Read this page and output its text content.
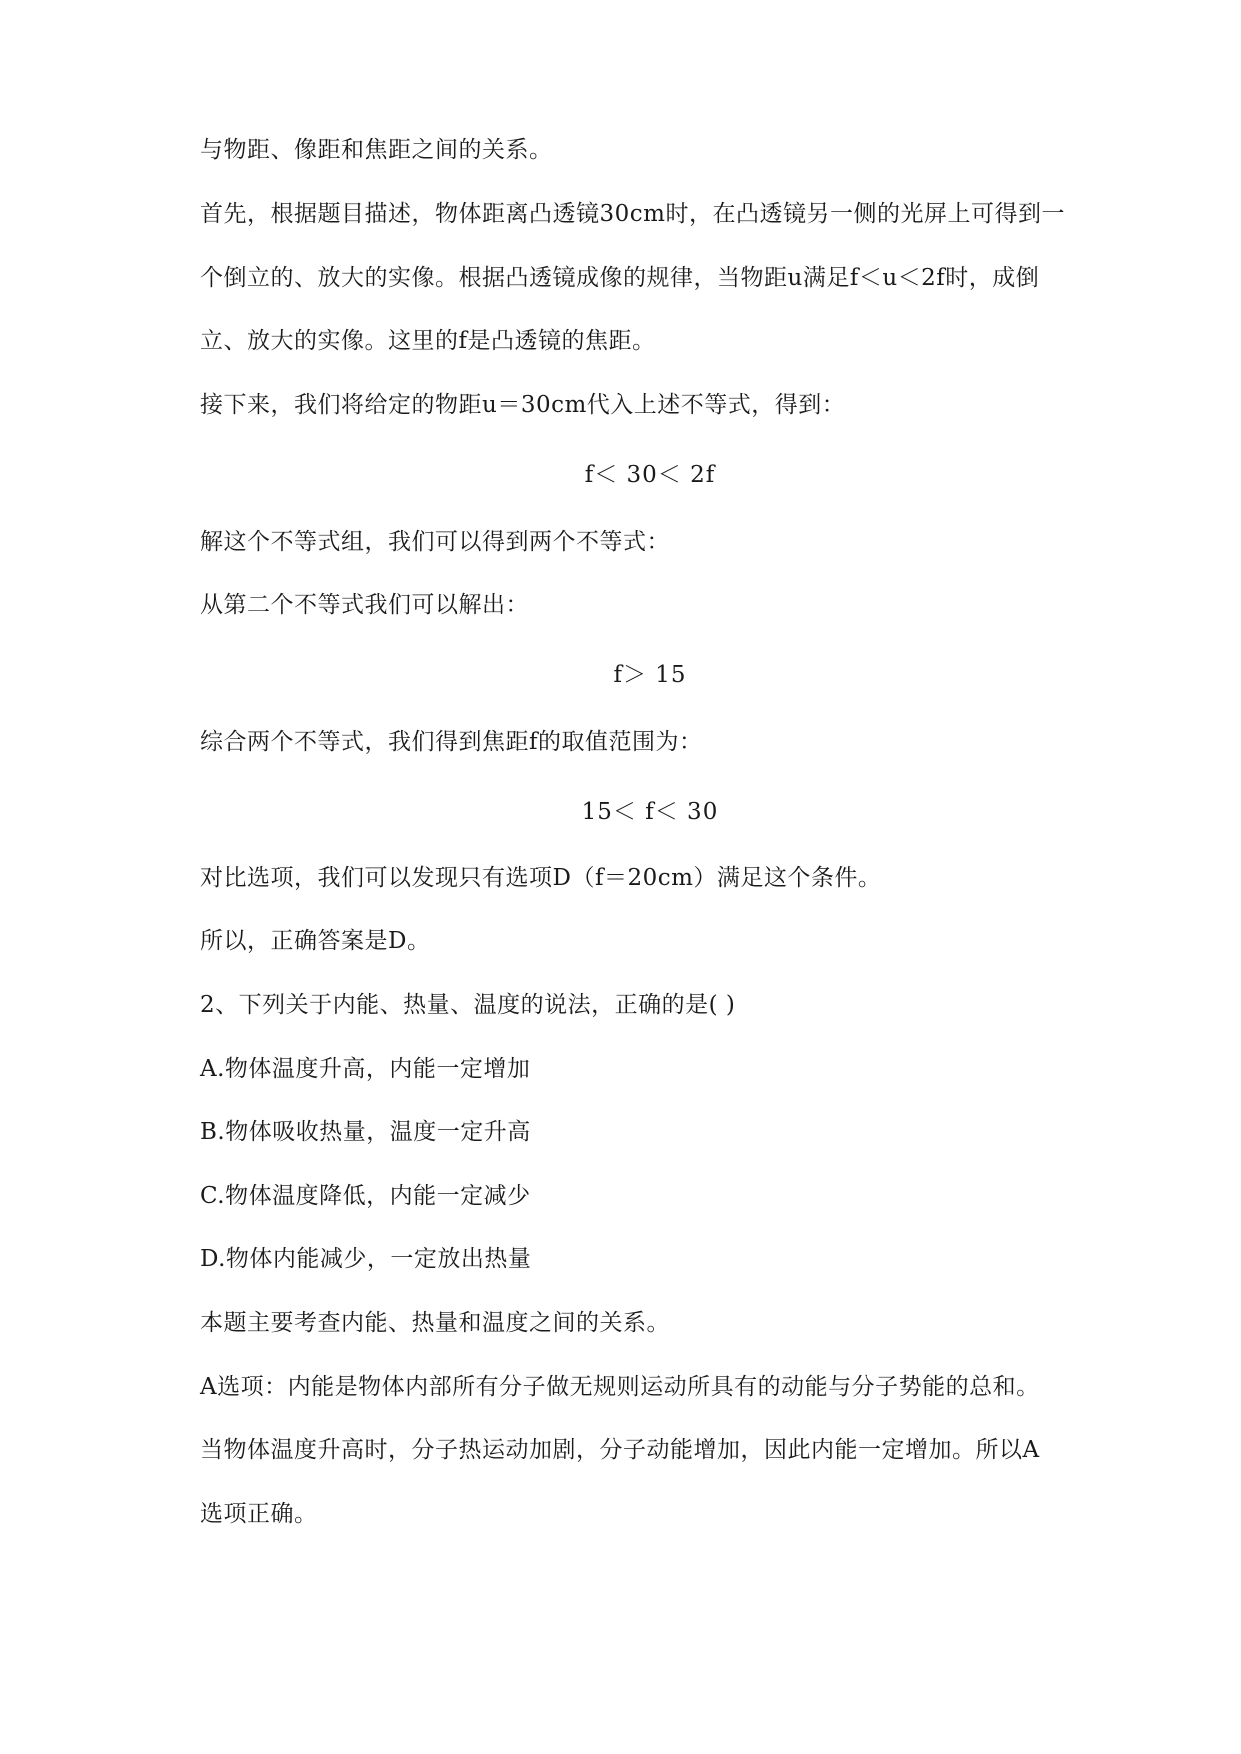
与物距、像距和焦距之间的关系。
首先，根据题目描述，物体距离凸透镜30cm时，在凸透镜另一侧的光屏上可得到一
个倒立的、放大的实像。根据凸透镜成像的规律，当物距u满足f＜u＜2f时，成倒
立、放大的实像。这里的f是凸透镜的焦距。
接下来，我们将给定的物距u＝30cm代入上述不等式，得到：
f＜ 30＜ 2f
解这个不等式组，我们可以得到两个不等式：
从第二个不等式我们可以解出：
f＞ 15
综合两个不等式，我们得到焦距f的取值范围为：
15＜ f＜ 30
对比选项，我们可以发现只有选项D（f＝20cm）满足这个条件。
所以，正确答案是D。
2、下列关于内能、热量、温度的说法，正确的是( )
A.物体温度升高，内能一定增加
B.物体吸收热量，温度一定升高
C.物体温度降低，内能一定减少
D.物体内能减少，一定放出热量
本题主要考查内能、热量和温度之间的关系。
A选项：内能是物体内部所有分子做无规则运动所具有的动能与分子势能的总和。
当物体温度升高时，分子热运动加剧，分子动能增加，因此内能一定增加。所以A
选项正确。
